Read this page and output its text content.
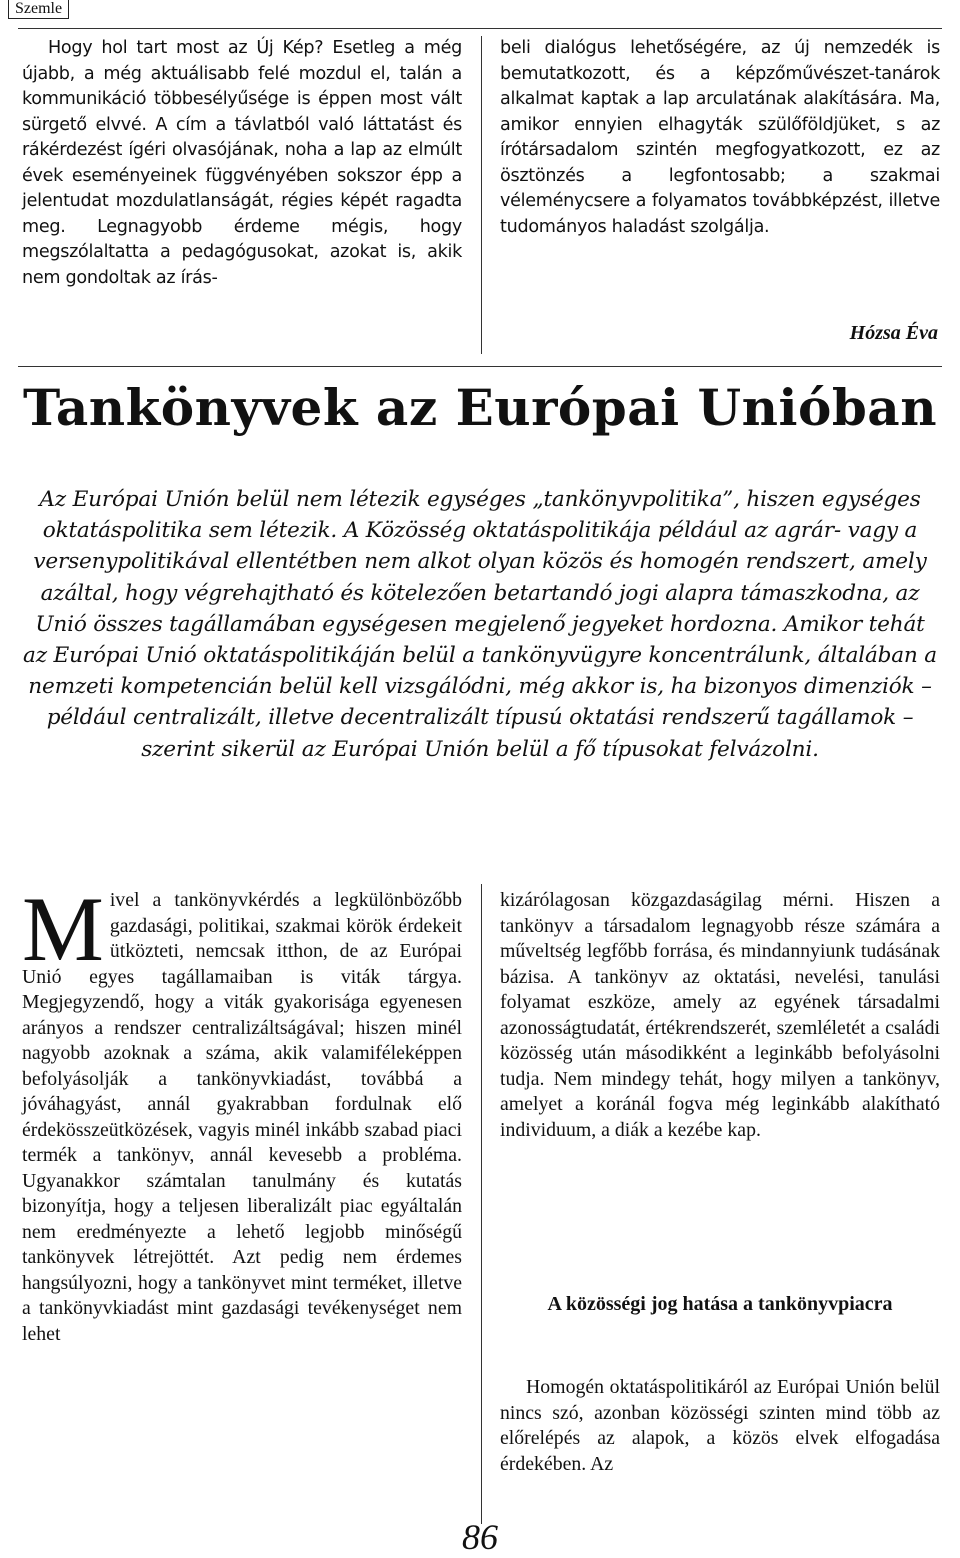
Szemle

Hogy hol tart most az Új Kép? Esetleg a még újabb, a még aktuálisabb felé mozdul el, talán a kommunikáció többesélyűsége is éppen most vált sürgető elvvé. A cím a távlatból való láttatást és rákérdezést ígéri olvasójának, noha a lap az elmúlt évek eseményeinek függvényében sokszor épp a jelentudat mozdulatlanságát, régies képét ragadta meg. Legnagyobb érdeme mégis, hogy megszólaltatta a pedagógusokat, azokat is, akik nem gondoltak az írás-

beli dialógus lehetőségére, az új nemzedék is bemutatkozott, és a képzőművészet-tanárok alkalmat kaptak a lap arculatának alakítására. Ma, amikor ennyien elhagyták szülőföldjüket, s az írótársadalom szintén megfogyatkozott, ez az ösztönzés a legfontosabb; a szakmai véleménycsere a folyamatos továbbképzést, illetve tudományos haladást szolgálja.

Hózsa Éva
Tankönyvek az Európai Unióban

Az Európai Unión belül nem létezik egységes „tankönyvpolitika”, hiszen egységes oktatáspolitika sem létezik. A Közösség oktatáspolitikája például az agrár- vagy a versenypolitikával ellentétben nem alkot olyan közös és homogén rendszert, amely azáltal, hogy végrehajtható és kötelezően betartandó jogi alapra támaszkodna, az Unió összes tagállamában egységesen megjelenő jegyeket hordozna. Amikor tehát az Európai Unió oktatáspolitikáján belül a tankönyvügyre koncentrálunk, általában a nemzeti kompetencián belül kell vizsgálódni, még akkor is, ha bizonyos dimenziók – például centralizált, illetve decentralizált típusú oktatási rendszerű tagállamok – szerint sikerül az Európai Unión belül a fő típusokat felvázolni.

M ivel a tankönyvkérdés a legkülönbözőbb gazdasági, politikai, szakmai körök érdekeit ütközteti, nemcsak itthon, de az Európai Unió egyes tagállamaiban is viták tárgya. Megjegyzendő, hogy a viták gyakorisága egyenesen arányos a rendszer centralizáltságával; hiszen minél nagyobb azoknak a száma, akik valamiféleképpen befolyásolják a tankönyvkiadást, továbbá a jóváhagyást, annál gyakrabban fordulnak elő érdekösszeütközések, vagyis minél inkább szabad piaci termék a tankönyv, annál kevesebb a probléma. Ugyanakkor számtalan tanulmány és kutatás bizonyítja, hogy a teljesen liberalizált piac egyáltalán nem eredményezte a lehető legjobb minőségű tankönyvek létrejöttét. Azt pedig nem érdemes hangsúlyozni, hogy a tankönyvet mint terméket, illetve a tankönyvkiadást mint gazdasági tevékenységet nem lehet

kizárólagosan közgazdaságilag mérni. Hiszen a tankönyv a társadalom legnagyobb része számára a műveltség legfőbb forrása, és mindannyiunk tudásának bázisa. A tankönyv az oktatási, nevelési, tanulási folyamat eszköze, amely az egyének társadalmi azonosságtudatát, értékrendszerét, szemléletét a családi közösség után másodikként a leginkább befolyásolni tudja. Nem mindegy tehát, hogy milyen a tankönyv, amelyet a koránál fogva még leginkább alakítható individuum, a diák a kezébe kap.

A közösségi jog hatása a tankönyvpiacra

Homogén oktatáspolitikáról az Európai Unión belül nincs szó, azonban közösségi szinten mind több az előrelépés az alapok, a közös elvek elfogadása érdekében. Az

86
